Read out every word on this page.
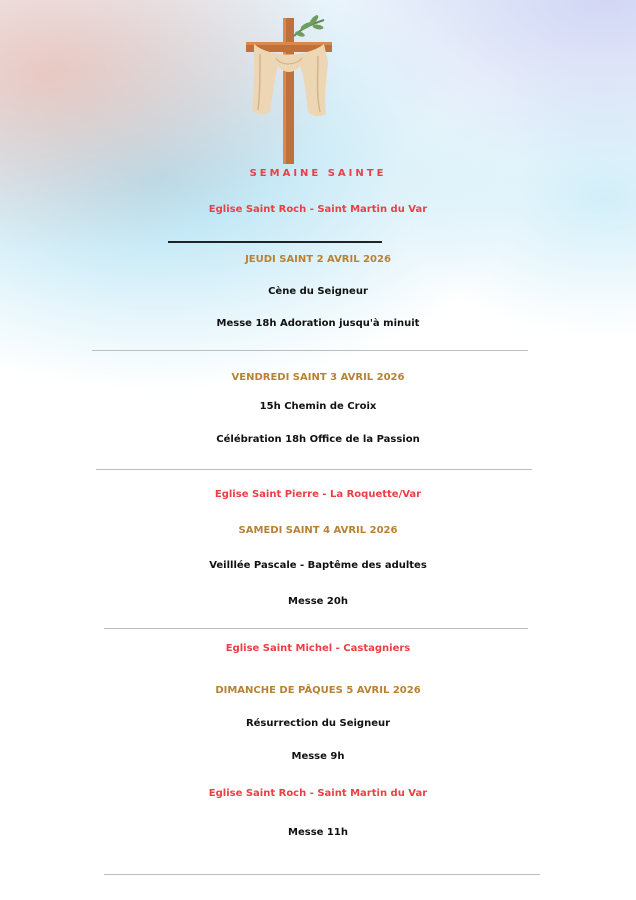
SEMAINE SAINTE

Eglise Saint Roch - Saint Martin du Var

JEUDI SAINT 2 AVRIL 2026

Cène du Seigneur

Messe 18h Adoration jusqu'à minuit

VENDREDI SAINT 3 AVRIL 2026

15h Chemin de Croix

Célébration 18h Office de la Passion

Eglise Saint Pierre - La Roquette/Var

SAMEDI SAINT 4 AVRIL 2026

Veilllée Pascale - Baptême des adultes

Messe 20h

Eglise Saint Michel - Castagniers

DIMANCHE DE PÂQUES 5 AVRIL 2026

Résurrection du Seigneur

Messe 9h

Eglise Saint Roch - Saint Martin du Var

Messe 11h
